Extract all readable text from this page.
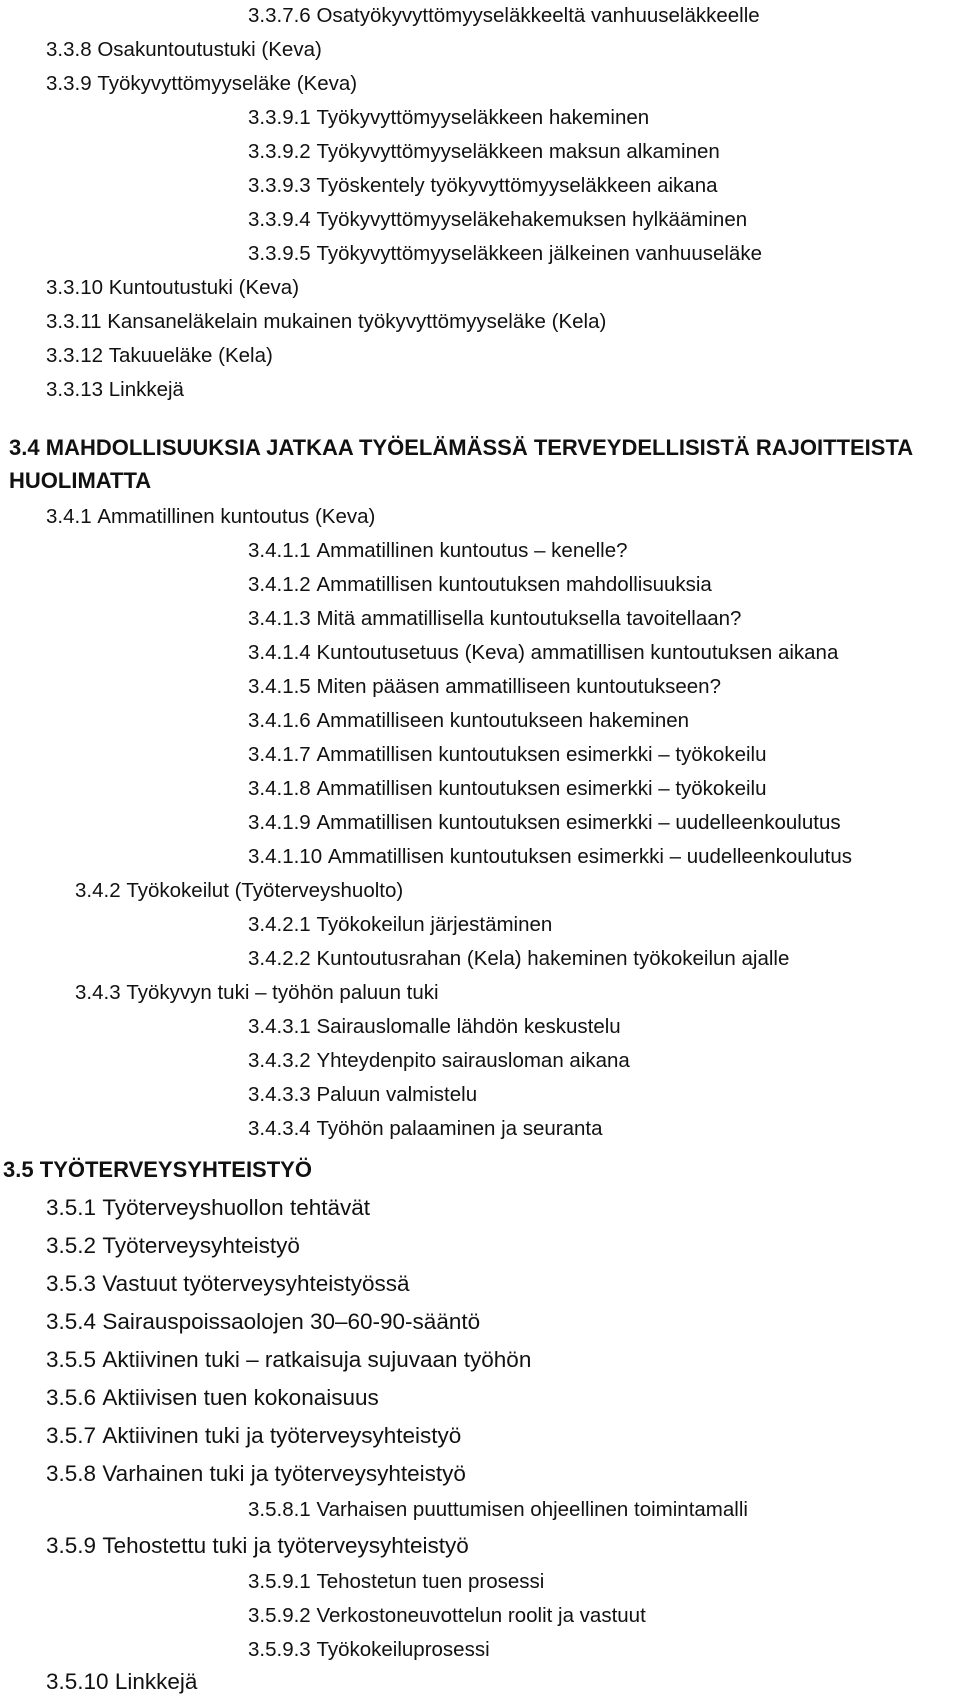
3.3.7.6 Osatyökyvyttömyyseläkkeeltä vanhuuseläkkeelle
3.3.8 Osakuntoutustuki (Keva)
3.3.9 Työkyvyttömyyseläke (Keva)
3.3.9.1 Työkyvyttömyyseläkkeen hakeminen
3.3.9.2 Työkyvyttömyyseläkkeen maksun alkaminen
3.3.9.3 Työskentely työkyvyttömyyseläkkeen aikana
3.3.9.4 Työkyvyttömyyseläkehakemuksen hylkääminen
3.3.9.5 Työkyvyttömyyseläkkeen jälkeinen vanhuuseläke
3.3.10 Kuntoutustuki (Keva)
3.3.11 Kansaneläkelain mukainen työkyvyttömyyseläke (Kela)
3.3.12 Takuueläke (Kela)
3.3.13 Linkkejä
3.4 MAHDOLLISUUKSIA JATKAA TYÖELÄMÄSSÄ TERVEYDELLISISTÄ RAJOITTEISTA HUOLIMATTA
3.4.1 Ammatillinen kuntoutus (Keva)
3.4.1.1 Ammatillinen kuntoutus – kenelle?
3.4.1.2 Ammatillisen kuntoutuksen mahdollisuuksia
3.4.1.3 Mitä ammatillisella kuntoutuksella tavoitellaan?
3.4.1.4 Kuntoutusetuus (Keva) ammatillisen kuntoutuksen aikana
3.4.1.5 Miten pääsen ammatilliseen kuntoutukseen?
3.4.1.6 Ammatilliseen kuntoutukseen hakeminen
3.4.1.7 Ammatillisen kuntoutuksen esimerkki – työkokeilu
3.4.1.8 Ammatillisen kuntoutuksen esimerkki – työkokeilu
3.4.1.9 Ammatillisen kuntoutuksen esimerkki – uudelleenkoulutus
3.4.1.10 Ammatillisen kuntoutuksen esimerkki – uudelleenkoulutus
3.4.2 Työkokeilut (Työterveyshuolto)
3.4.2.1 Työkokeilun järjestäminen
3.4.2.2 Kuntoutusrahan (Kela) hakeminen työkokeilun ajalle
3.4.3 Työkyvyn tuki – työhön paluun tuki
3.4.3.1 Sairauslomalle lähdön keskustelu
3.4.3.2 Yhteydenpito sairausloman aikana
3.4.3.3 Paluun valmistelu
3.4.3.4 Työhön palaaminen ja seuranta
3.5 TYÖTERVEYSYHTEISTYÖ
3.5.1 Työterveyshuollon tehtävät
3.5.2 Työterveysyhteistyö
3.5.3 Vastuut työterveysyhteistyössä
3.5.4 Sairauspoissaolojen 30–60-90-sääntö
3.5.5 Aktiivinen tuki – ratkaisuja sujuvaan työhön
3.5.6 Aktiivisen tuen kokonaisuus
3.5.7 Aktiivinen tuki ja työterveysyhteistyö
3.5.8 Varhainen tuki ja työterveysyhteistyö
3.5.8.1 Varhaisen puuttumisen ohjeellinen toimintamalli
3.5.9 Tehostettu tuki ja työterveysyhteistyö
3.5.9.1 Tehostetun tuen prosessi
3.5.9.2 Verkostoneuvottelun roolit ja vastuut
3.5.9.3 Työkokeiluprosessi
3.5.10 Linkkejä
